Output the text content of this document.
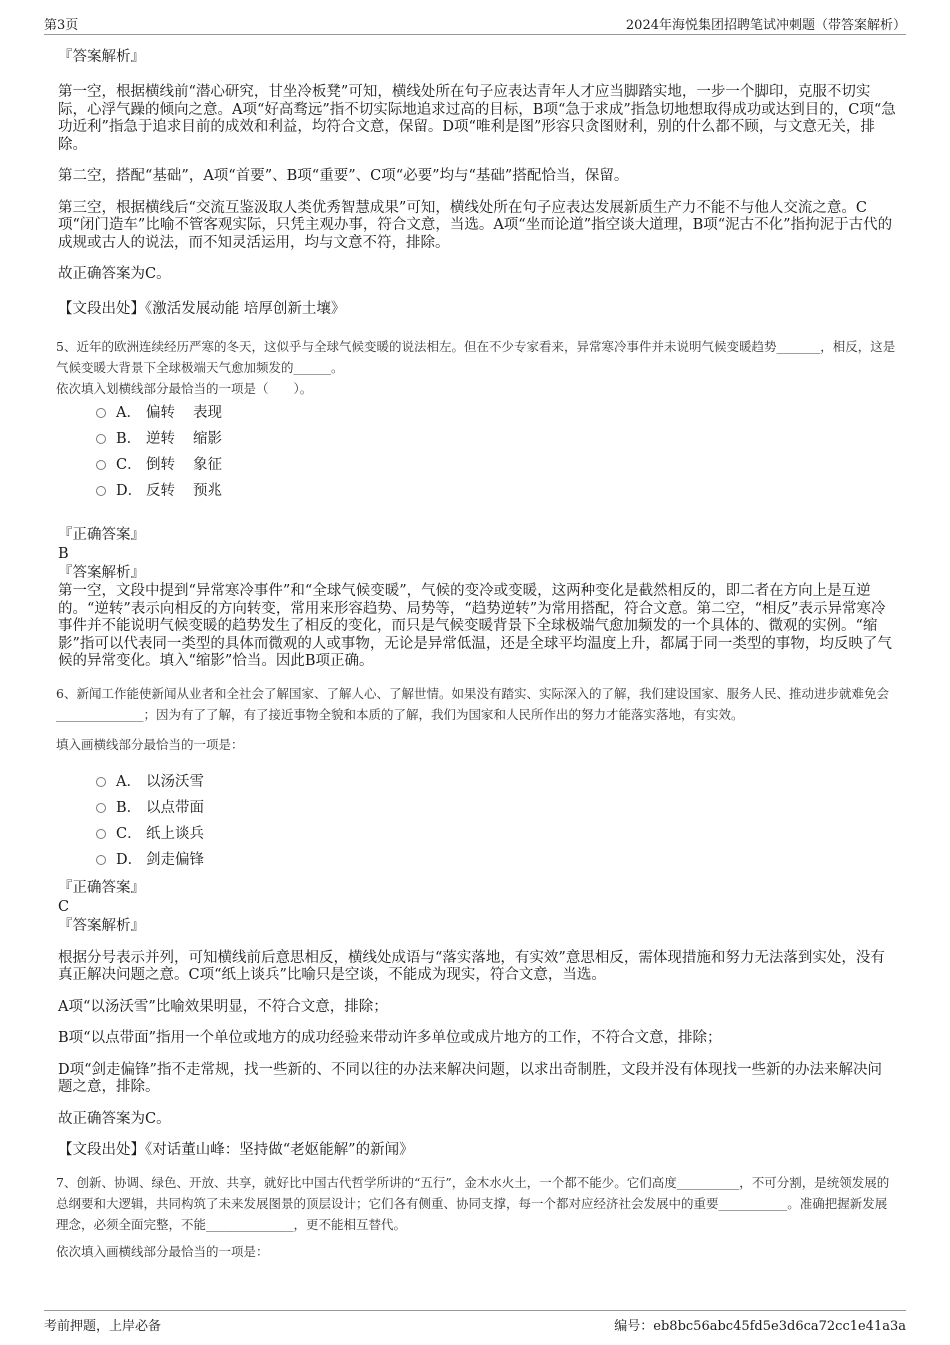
第3页	2024年海悦集团招聘笔试冲刺题（带答案解析）

『答案解析』

第一空，根据横线前“潜心研究，甘坐冷板凳”可知，横线处所在句子应表达青年人才应当脚踏实地，一步一个脚印，克服不切实际，心浮气躁的倾向之意。A项“好高骛远”指不切实际地追求过高的目标，B项“急于求成”指急切地想取得成功或达到目的，C项“急功近利”指急于追求目前的成效和利益，均符合文意，保留。D项“唯利是图”形容只贪图财利，别的什么都不顾，与文意无关，排除。

第二空，搭配“基础”，A项“首要”、B项“重要”、C项“必要”均与“基础”搭配恰当，保留。

第三空，根据横线后“交流互鉴汲取人类优秀智慧成果”可知，横线处所在句子应表达发展新质生产力不能不与他人交流之意。C项“闭门造车”比喻不管客观实际，只凭主观办事，符合文意，当选。A项“坐而论道”指空谈大道理，B项“泥古不化”指拘泥于古代的成规或古人的说法，而不知灵活运用，均与文意不符，排除。

故正确答案为C。

【文段出处】《激活发展动能 培厚创新土壤》

5、近年的欧洲连续经历严寒的冬天，这似乎与全球气候变暖的说法相左。但在不少专家看来，异常寒冷事件并未说明气候变暖趋势_______，相反，这是气候变暖大背景下全球极端天气愈加频发的______。

依次填入划横线部分最恰当的一项是（　　）。

A． 偏转 表现
B． 逆转 缩影
C． 倒转 象征
D． 反转 预兆

『正确答案』

B

『答案解析』

第一空，文段中提到“异常寒冷事件”和“全球气候变暖”，气候的变冷或变暖，这两种变化是截然相反的，即二者在方向上是互逆的。“逆转”表示向相反的方向转变，常用来形容趋势、局势等，“趋势逆转”为常用搭配，符合文意。第二空，“相反”表示异常寒冷事件并不能说明气候变暖的趋势发生了相反的变化，而只是气候变暖背景下全球极端气愈加频发的一个具体的、微观的实例。“缩影”指可以代表同一类型的具体而微观的人或事物，无论是异常低温，还是全球平均温度上升，都属于同一类型的事物，均反映了气候的异常变化。填入“缩影”恰当。因此B项正确。

6、新闻工作能使新闻从业者和全社会了解国家、了解人心、了解世情。如果没有踏实、实际深入的了解，我们建设国家、服务人民、推动进步就难免会______________；因为有了了解，有了接近事物全貌和本质的了解，我们为国家和人民所作出的努力才能落实落地，有实效。

填入画横线部分最恰当的一项是：

A． 以汤沃雪
B． 以点带面
C． 纸上谈兵
D． 剑走偏锋

『正确答案』

C

『答案解析』

根据分号表示并列，可知横线前后意思相反，横线处成语与“落实落地，有实效”意思相反，需体现措施和努力无法落到实处，没有真正解决问题之意。C项“纸上谈兵”比喻只是空谈，不能成为现实，符合文意，当选。

A项“以汤沃雪”比喻效果明显，不符合文意，排除；

B项“以点带面”指用一个单位或地方的成功经验来带动许多单位或成片地方的工作，不符合文意，排除；

D项“剑走偏锋”指不走常规，找一些新的、不同以往的办法来解决问题，以求出奇制胜，文段并没有体现找一些新的办法来解决问题之意，排除。

故正确答案为C。

【文段出处】《对话董山峰：坚持做“老妪能解”的新闻》

7、创新、协调、绿色、开放、共享，就好比中国古代哲学所讲的“五行”，金木水火土，一个都不能少。它们高度__________，不可分割，是统领发展的总纲要和大逻辑，共同构筑了未来发展图景的顶层设计；它们各有侧重、协同支撑，每一个都对应经济社会发展中的重要___________。准确把握新发展理念，必须全面完整，不能______________，更不能相互替代。

依次填入画横线部分最恰当的一项是：

考前押题，上岸必备	编号：eb8bc56abc45fd5e3d6ca72cc1e41a3a
